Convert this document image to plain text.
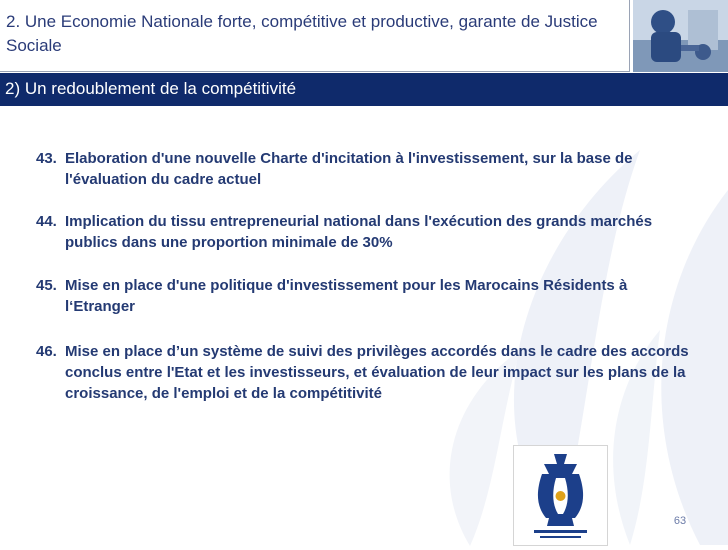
2. Une Economie Nationale forte, compétitive et productive, garante de Justice Sociale
2) Un redoublement de la compétitivité
43. Elaboration d'une nouvelle Charte d'incitation à l'investissement, sur la base de l'évaluation du cadre actuel
44. Implication du tissu entrepreneurial national dans l'exécution des grands marchés publics dans une proportion minimale de 30%
45. Mise en place d'une politique d'investissement pour les Marocains Résidents à l‘Etranger
46. Mise en place d’un système de suivi des privilèges accordés dans le cadre des accords conclus entre l'Etat et les investisseurs, et évaluation de leur impact sur les plans de la croissance, de l'emploi et de la compétitivité
63
